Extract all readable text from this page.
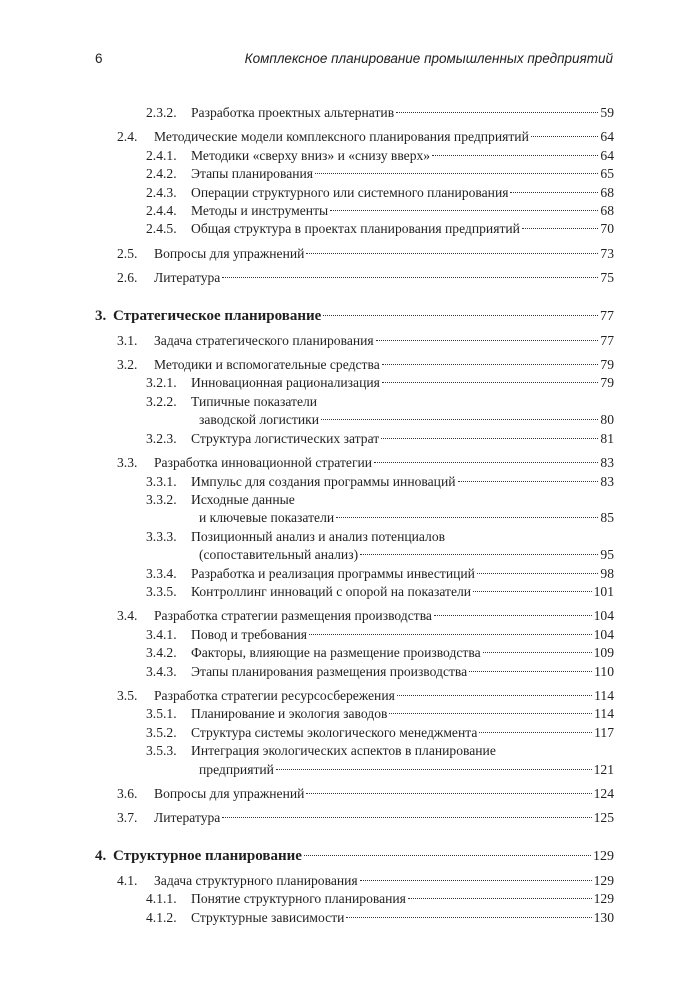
6	Комплексное планирование промышленных предприятий
2.3.2.	Разработка проектных альтернатив	59
2.4.	Методические модели комплексного планирования предприятий	64
2.4.1.	Методики «сверху вниз» и «снизу вверх»	64
2.4.2.	Этапы планирования	65
2.4.3.	Операции структурного или системного планирования	68
2.4.4.	Методы и инструменты	68
2.4.5.	Общая структура в проектах планирования предприятий	70
2.5.	Вопросы для упражнений	73
2.6.	Литература	75
3. Стратегическое планирование	77
3.1.	Задача стратегического планирования	77
3.2.	Методики и вспомогательные средства	79
3.2.1.	Инновационная рационализация	79
3.2.2.	Типичные показатели
заводской логистики	80
3.2.3.	Структура логистических затрат	81
3.3.	Разработка инновационной стратегии	83
3.3.1.	Импульс для создания программы инноваций	83
3.3.2.	Исходные данные
и ключевые показатели	85
3.3.3.	Позиционный анализ и анализ потенциалов
(сопоставительный анализ)	95
3.3.4.	Разработка и реализация программы инвестиций	98
3.3.5.	Контроллинг инноваций с опорой на показатели	101
3.4.	Разработка стратегии размещения производства	104
3.4.1.	Повод и требования	104
3.4.2.	Факторы, влияющие на размещение производства	109
3.4.3.	Этапы планирования размещения производства	110
3.5.	Разработка стратегии ресурсосбережения	114
3.5.1.	Планирование и экология заводов	114
3.5.2.	Структура системы экологического менеджмента	117
3.5.3.	Интеграция экологических аспектов в планирование
предприятий	121
3.6.	Вопросы для упражнений	124
3.7.	Литература	125
4. Структурное планирование	129
4.1.	Задача структурного планирования	129
4.1.1.	Понятие структурного планирования	129
4.1.2.	Структурные зависимости	130
